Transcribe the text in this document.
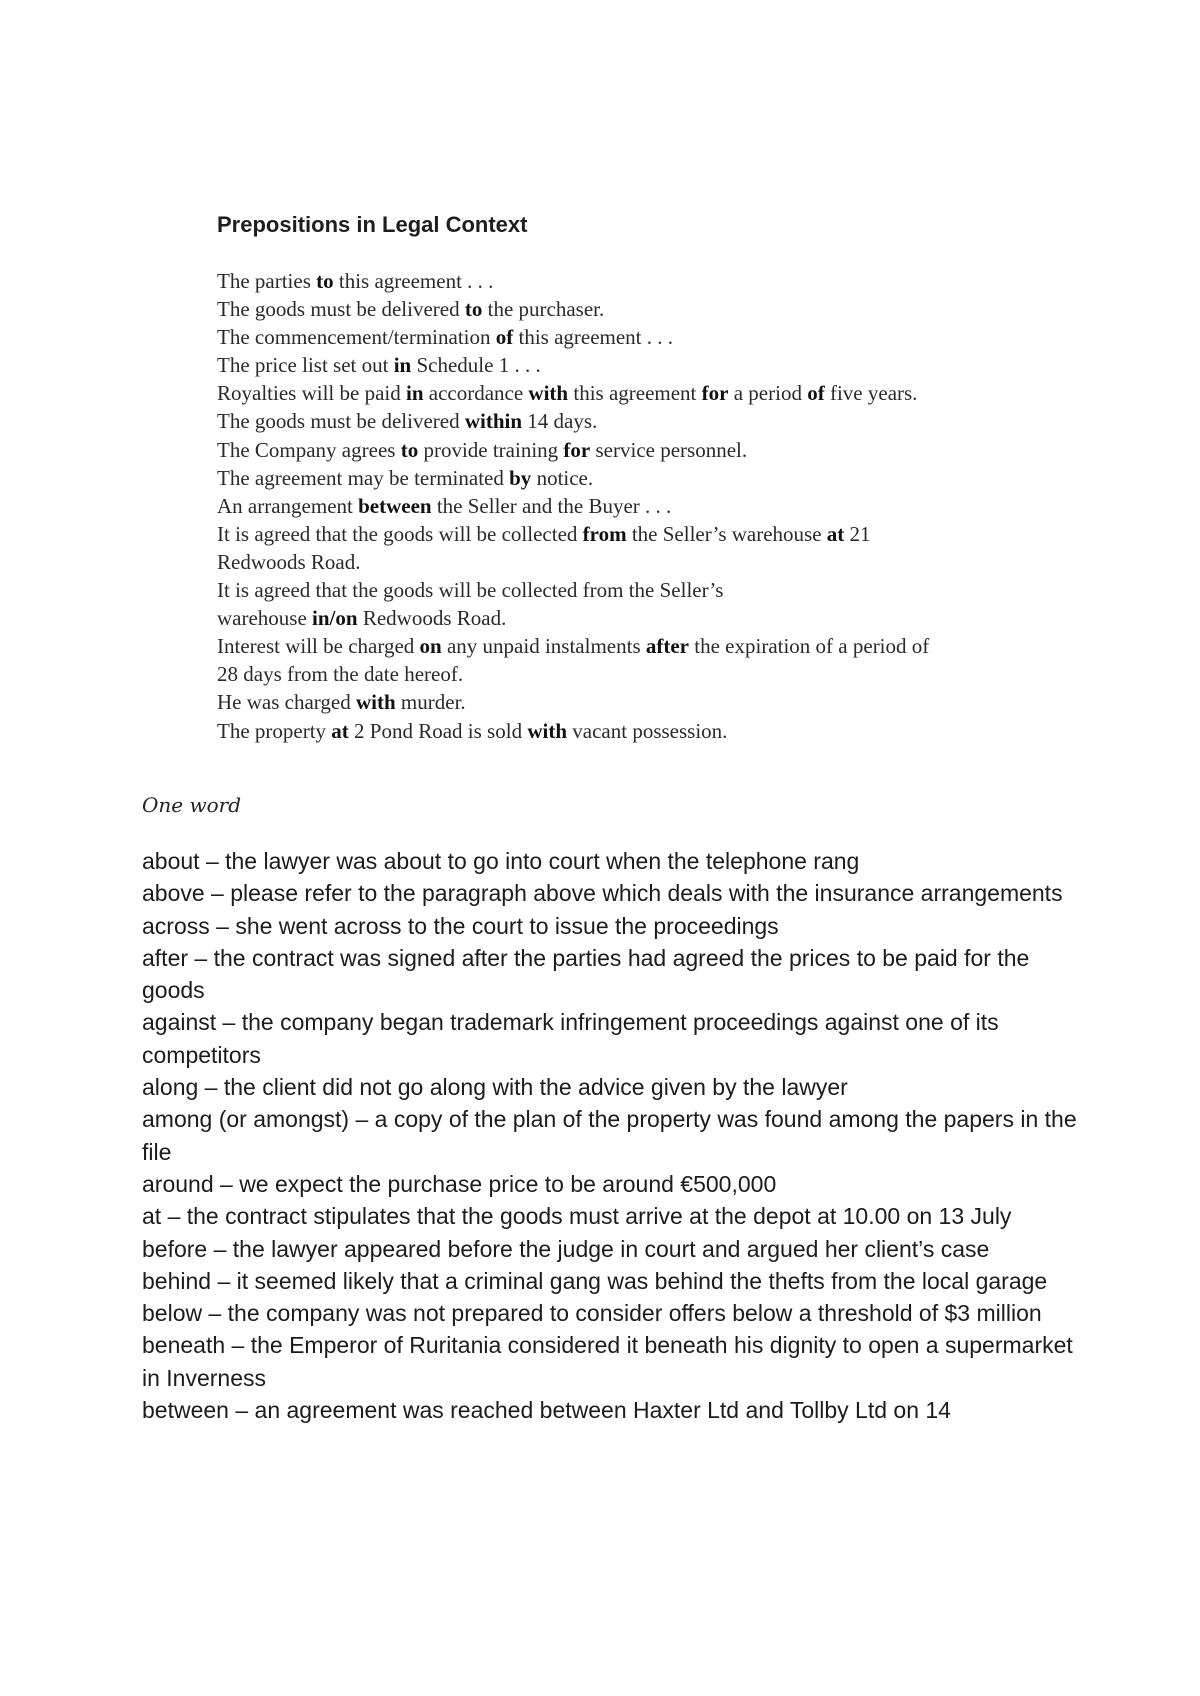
Prepositions in Legal Context
The parties to this agreement . . .
The goods must be delivered to the purchaser.
The commencement/termination of this agreement . . .
The price list set out in Schedule 1 . . .
Royalties will be paid in accordance with this agreement for a period of five years.
The goods must be delivered within 14 days.
The Company agrees to provide training for service personnel.
The agreement may be terminated by notice.
An arrangement between the Seller and the Buyer . . .
It is agreed that the goods will be collected from the Seller’s warehouse at 21
Redwoods Road.
It is agreed that the goods will be collected from the Seller’s
warehouse in/on Redwoods Road.
Interest will be charged on any unpaid instalments after the expiration of a period of
28 days from the date hereof.
He was charged with murder.
The property at 2 Pond Road is sold with vacant possession.
One word
about – the lawyer was about to go into court when the telephone rang
above – please refer to the paragraph above which deals with the insurance arrangements
across – she went across to the court to issue the proceedings
after – the contract was signed after the parties had agreed the prices to be paid for the goods
against – the company began trademark infringement proceedings against one of its competitors
along – the client did not go along with the advice given by the lawyer
among (or amongst) – a copy of the plan of the property was found among the papers in the file
around – we expect the purchase price to be around €500,000
at – the contract stipulates that the goods must arrive at the depot at 10.00 on 13 July
before – the lawyer appeared before the judge in court and argued her client’s case
behind – it seemed likely that a criminal gang was behind the thefts from the local garage
below – the company was not prepared to consider offers below a threshold of $3 million
beneath – the Emperor of Ruritania considered it beneath his dignity to open a supermarket in Inverness
between – an agreement was reached between Haxter Ltd and Tollby Ltd on 14
